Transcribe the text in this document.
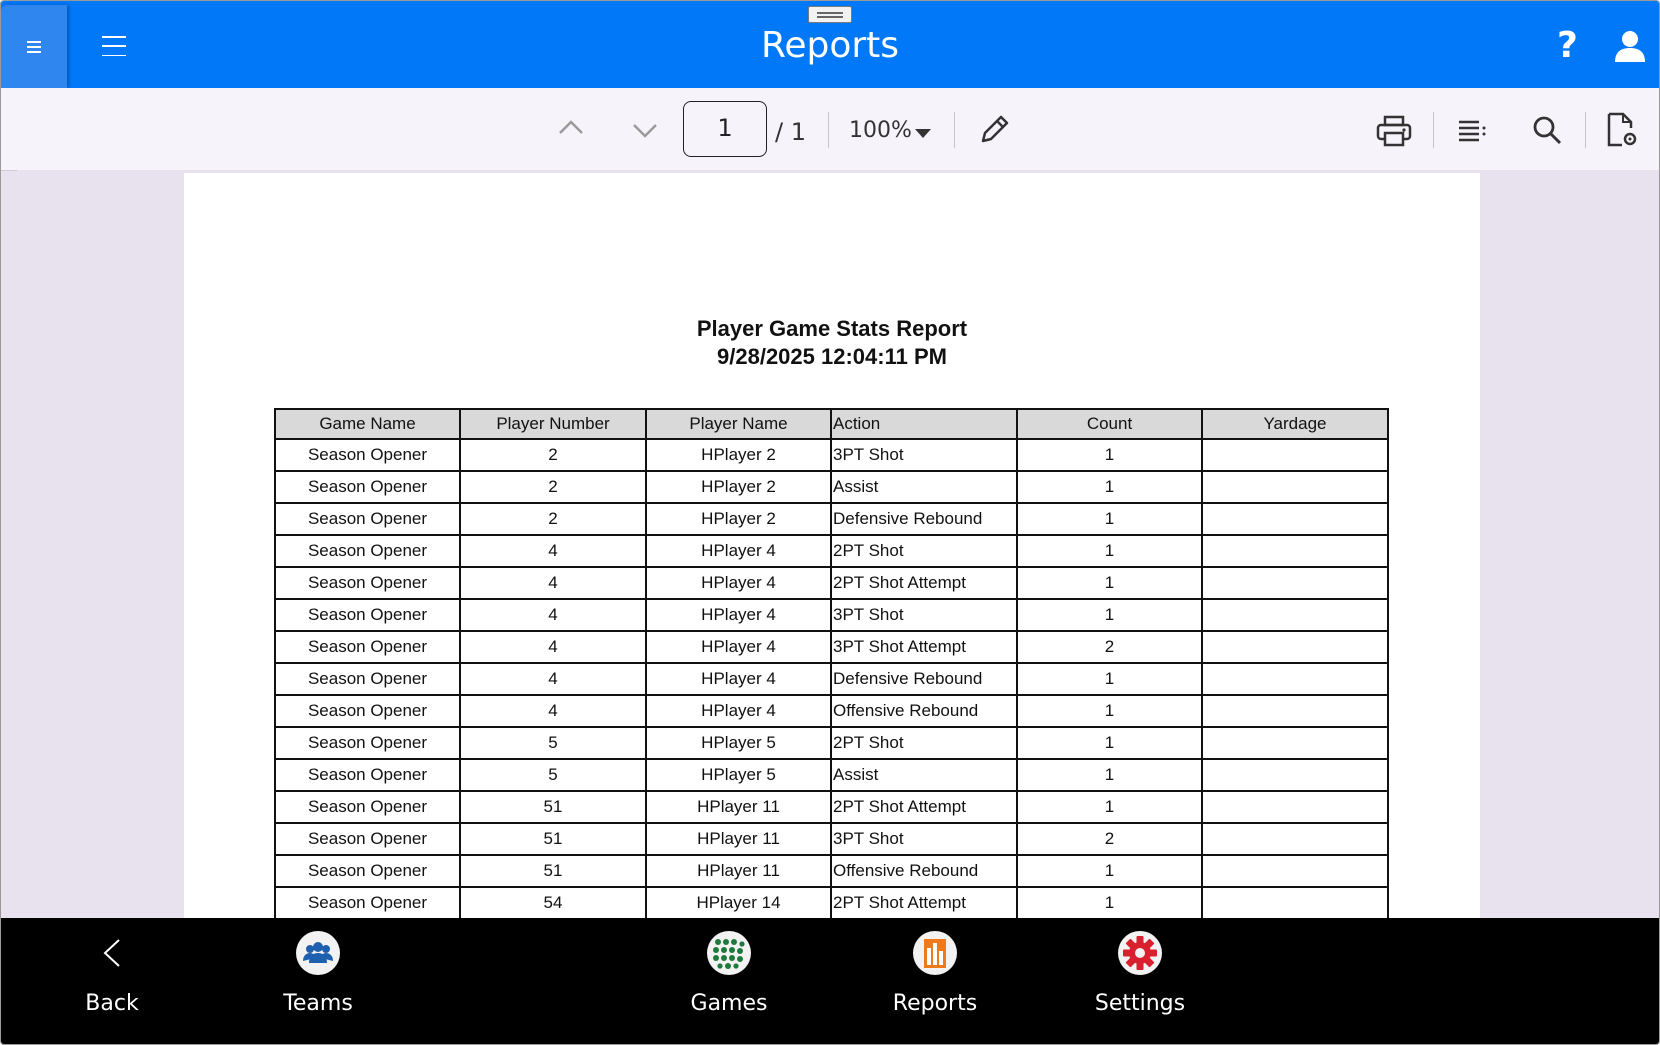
Reports	?
1	/ 1 100%
Player Game Stats Report
9/28/2025 12:04:11 PM
Game Name	Player Number	Player Name	Action	Count	Yardage
Season Opener	2	HPlayer 2	3PT Shot	1	
Season Opener	2	HPlayer 2	Assist	1	
Season Opener	2	HPlayer 2	Defensive Rebound	1	
Season Opener	4	HPlayer 4	2PT Shot	1	
Season Opener	4	HPlayer 4	2PT Shot Attempt	1	
Season Opener	4	HPlayer 4	3PT Shot	1	
Season Opener	4	HPlayer 4	3PT Shot Attempt	2	
Season Opener	4	HPlayer 4	Defensive Rebound	1	
Season Opener	4	HPlayer 4	Offensive Rebound	1	
Season Opener	5	HPlayer 5	2PT Shot	1	
Season Opener	5	HPlayer 5	Assist	1	
Season Opener	51	HPlayer 11	2PT Shot Attempt	1	
Season Opener	51	HPlayer 11	3PT Shot	2	
Season Opener	51	HPlayer 11	Offensive Rebound	1	
Season Opener	54	HPlayer 14	2PT Shot Attempt	1	
Back	Teams	Games	Reports	Settings
